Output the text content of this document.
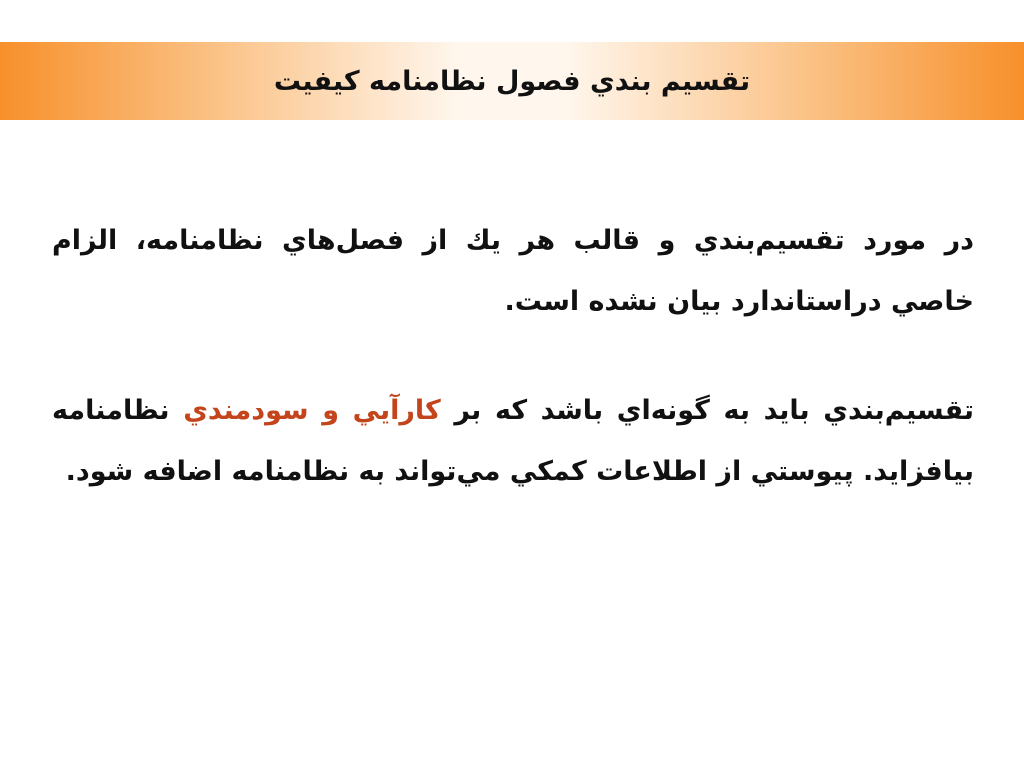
تقسيم بندي فصول نظامنامه كيفيت

در مورد تقسيم‌بندي و قالب هر يك از فصل‌هاي نظامنامه، الزام خاصي دراستاندارد بيان نشده است.

تقسيم‌بندي بايد به گونه‌اي باشد كه بر كارآيي و سودمندي نظامنامه بيافزايد. پيوستي از اطلاعات كمكي مي‌تواند به نظامنامه اضافه شود.
